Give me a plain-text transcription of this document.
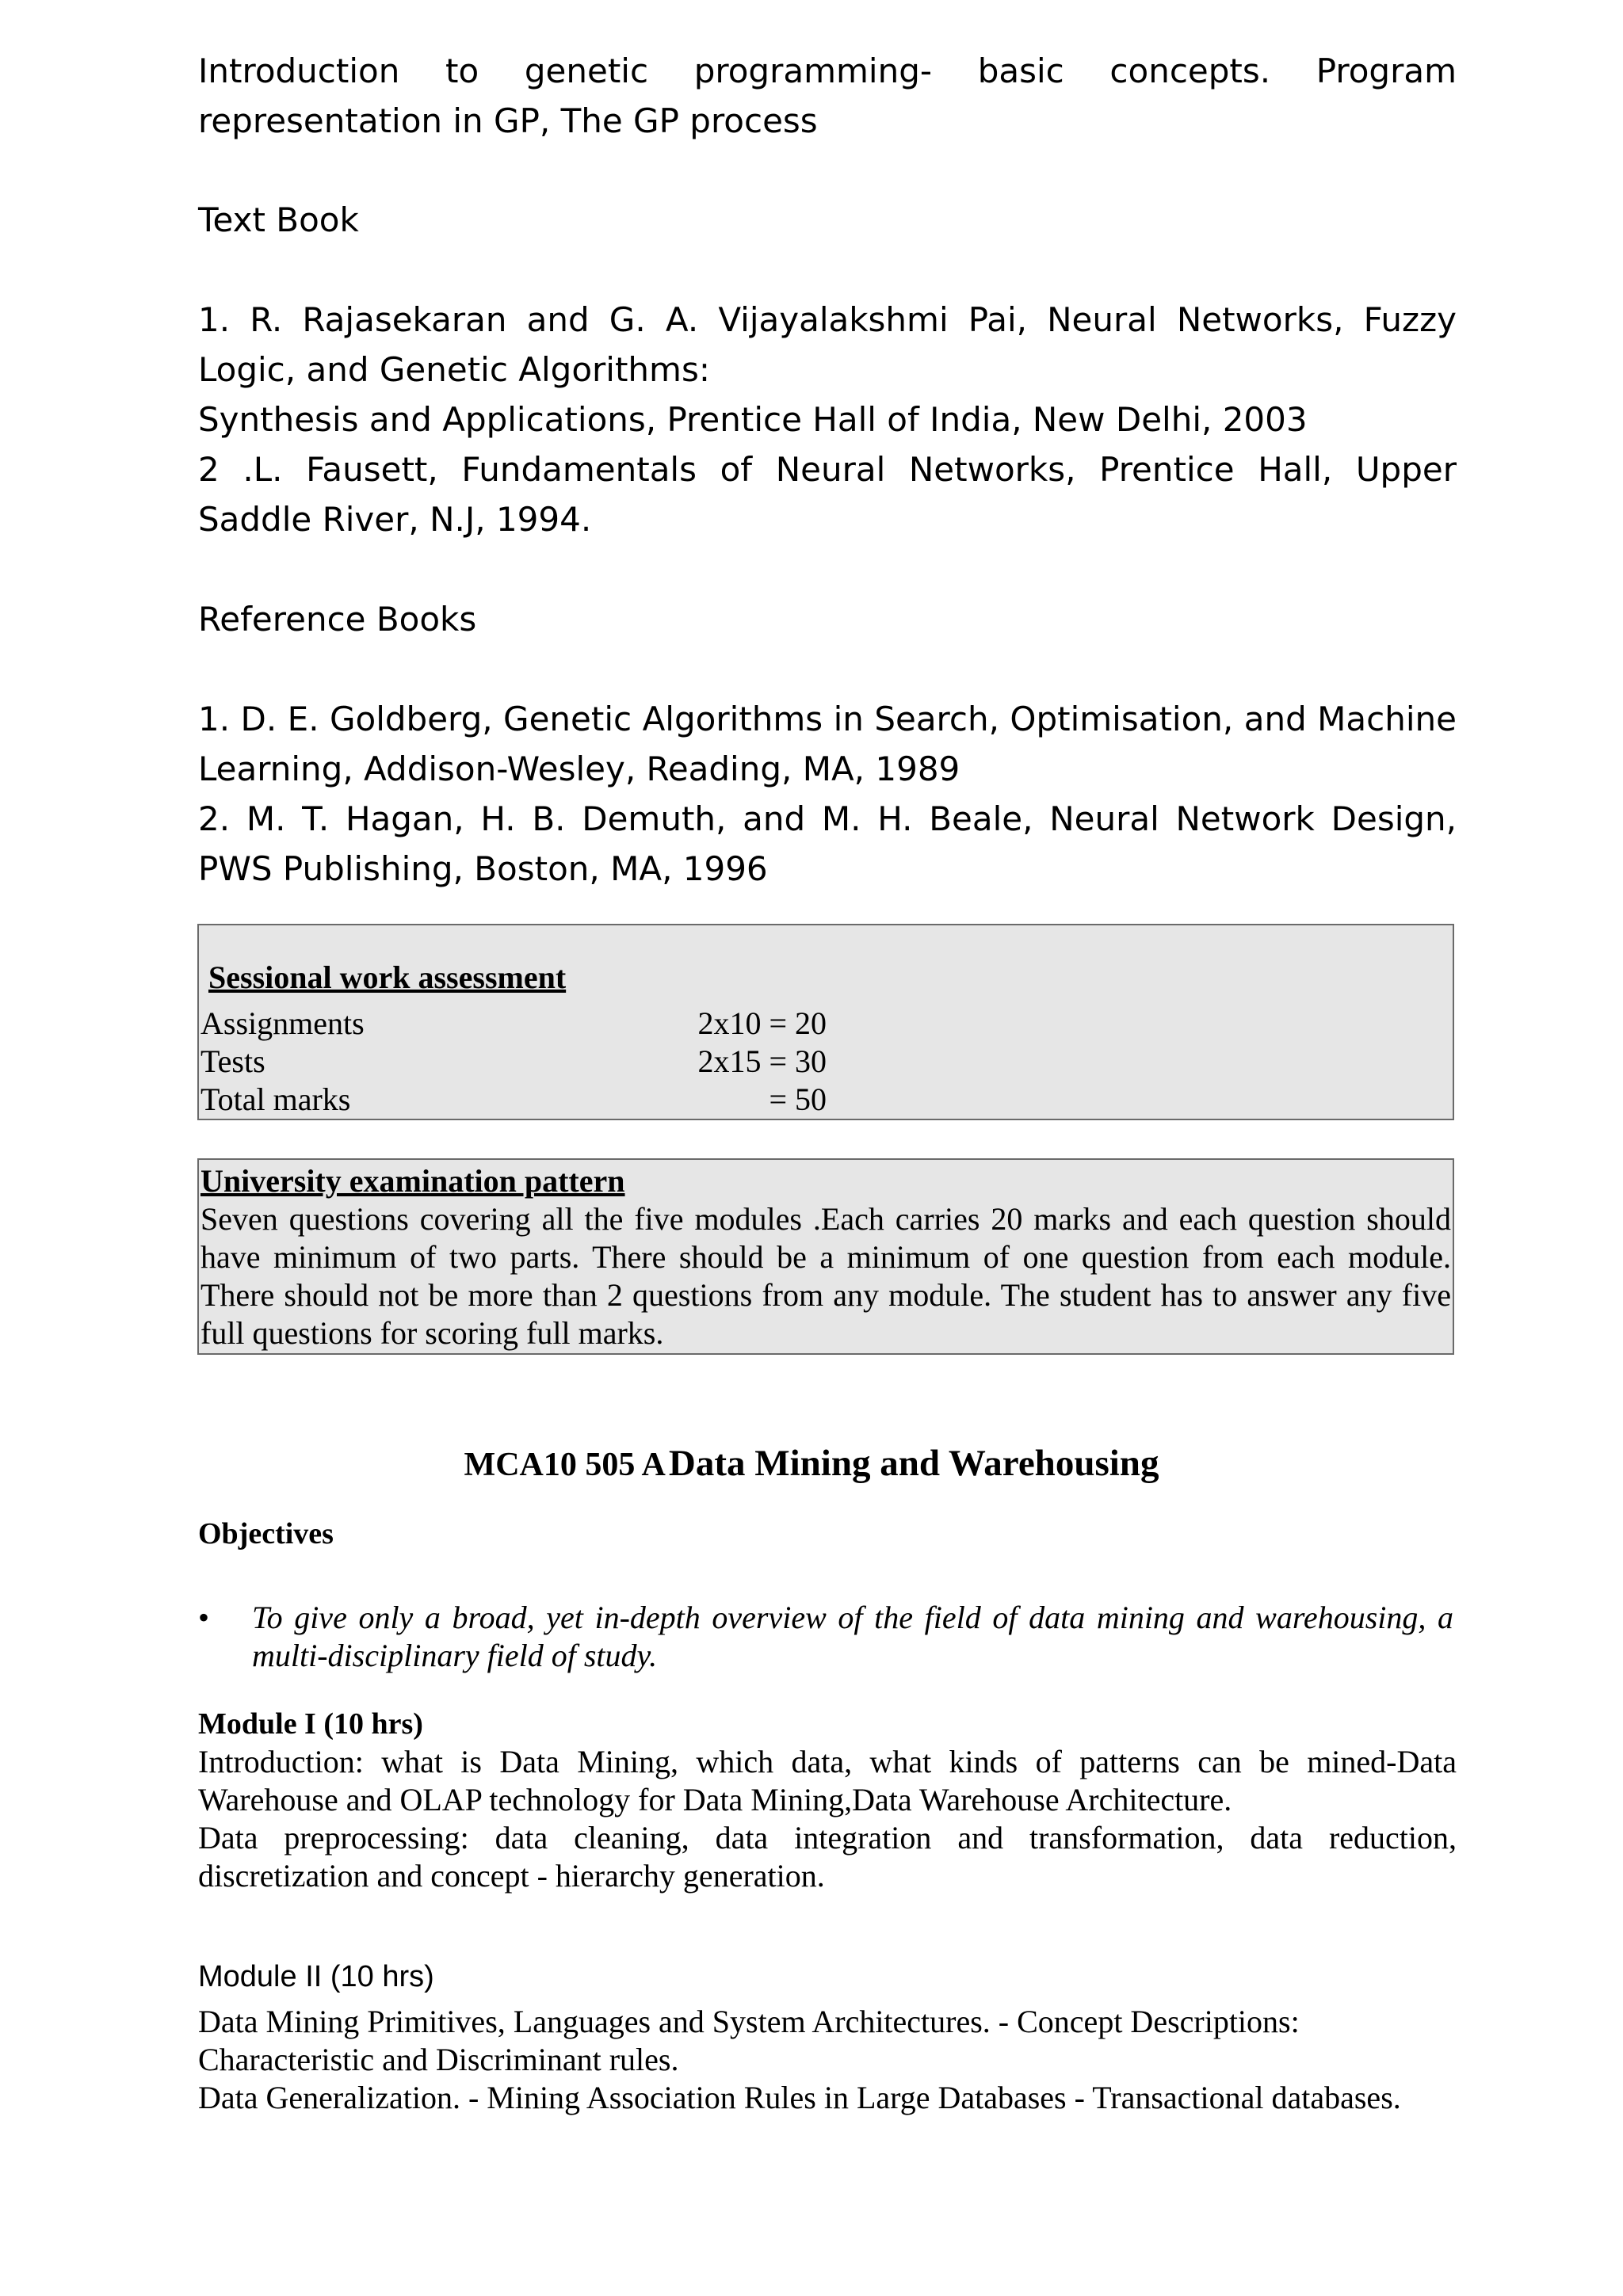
Introduction to genetic programming- basic concepts. Program representation in GP, The GP process
Text Book
1. R. Rajasekaran and G. A. Vijayalakshmi Pai, Neural Networks, Fuzzy Logic, and Genetic Algorithms:
Synthesis and Applications, Prentice Hall of India, New Delhi, 2003
2 .L. Fausett, Fundamentals of Neural Networks, Prentice Hall, Upper Saddle River, N.J, 1994.
Reference Books
1. D. E. Goldberg, Genetic Algorithms in Search, Optimisation, and Machine Learning, Addison-Wesley, Reading, MA, 1989
2. M. T. Hagan, H. B. Demuth, and M. H. Beale, Neural Network Design, PWS Publishing, Boston, MA, 1996
Sessional work assessment
Assignments	2x10 = 20
Tests	2x15 = 30
Total marks	= 50
University examination pattern
Seven questions covering all the five modules .Each carries 20 marks and each question should have minimum of two parts. There should be a minimum of one question from each module. There should not be more than 2 questions from any module. The student has to answer any five full questions for scoring full marks.
MCA10 505 A Data Mining and Warehousing
Objectives
• To give only a broad, yet in-depth overview of the field of data mining and warehousing, a multi-disciplinary field of study.
Module I (10 hrs)
Introduction: what is Data Mining, which data, what kinds of patterns can be mined-Data Warehouse and OLAP technology for Data Mining,Data Warehouse Architecture.
Data preprocessing: data cleaning, data integration and transformation, data reduction, discretization and concept - hierarchy generation.
Module II (10 hrs)
Data Mining Primitives, Languages and System Architectures. - Concept Descriptions:
Characteristic and Discriminant rules.
Data Generalization. - Mining Association Rules in Large Databases - Transactional databases.
